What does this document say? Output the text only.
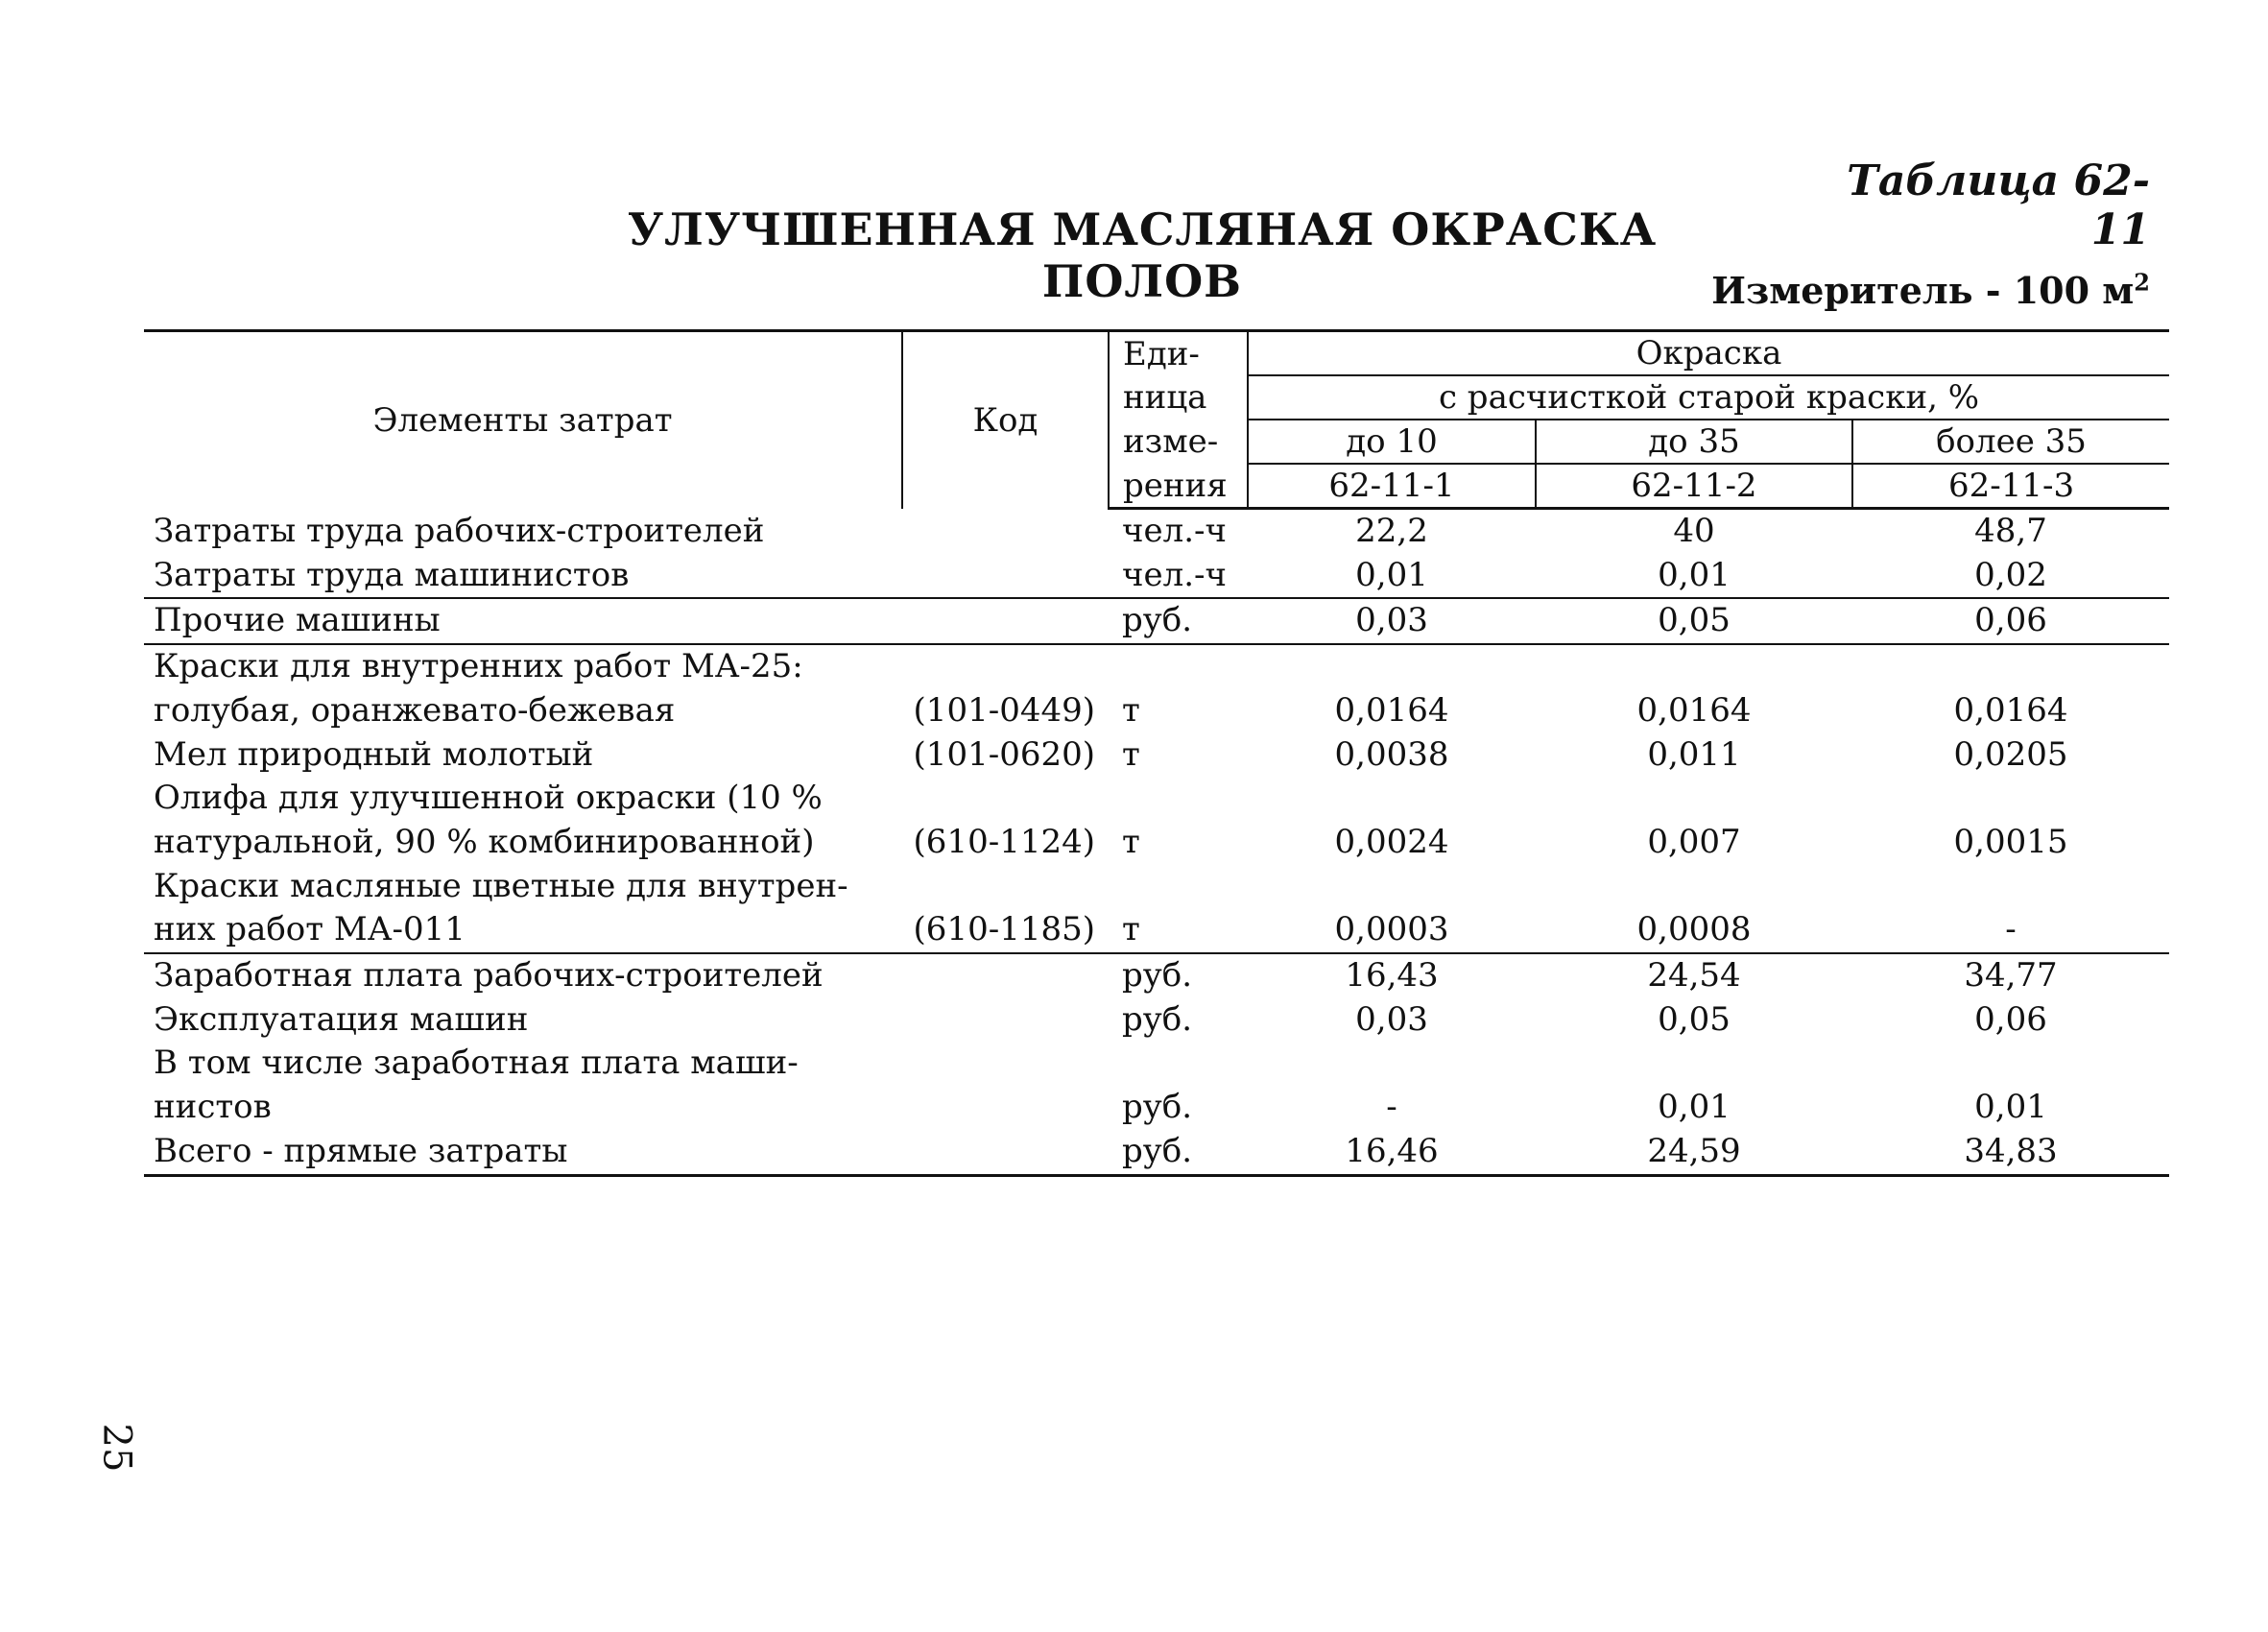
Таблица 62-11
УЛУЧШЕННАЯ МАСЛЯНАЯ ОКРАСКА ПОЛОВ	Измеритель - 100 $м^2$
Элементы затрат	Код	Еди-	Окраска		
		ница	с расчисткой старой краски, %		
		изме-	до 10	до 35	более 35
		рения	62-11-1	62-11-2	62-11-3
Затраты труда рабочих-строителей		чел.-ч	22,2	40	48,7
Затраты труда машинистов		чел.-ч	0,01	0,01	0,02
Прочие машины		руб.	0,03	0,05	0,06
Краски для внутренних работ МА-25:					
голубая, оранжевато-бежевая	(101-0449)	т	0,0164	0,0164	0,0164
Мел природный молотый	(101-0620)	т	0,0038	0,011	0,0205
Олифа для улучшенной окраски (10 %					
натуральной, 90 % комбинированной)	(610-1124)	т	0,0024	0,007	0,0015
Краски масляные цветные для внутрен-					
них работ МА-011	(610-1185)	т	0,0003	0,0008	-
Заработная плата рабочих-строителей		руб.	16,43	24,54	34,77
Эксплуатация машин		руб.	0,03	0,05	0,06
В том числе заработная плата маши-					
нистов		руб.	-	0,01	0,01
Всего - прямые затраты		руб.	16,46	24,59	34,83
25
